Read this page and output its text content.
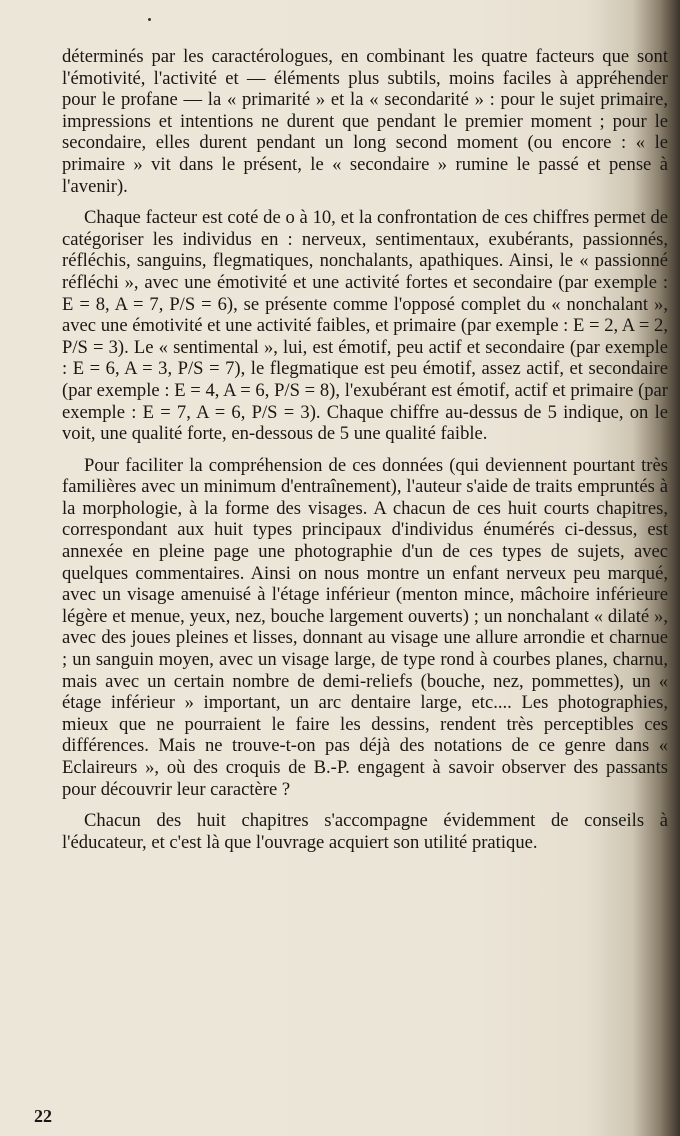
déterminés par les caractérologues, en combinant les quatre facteurs que sont l'émotivité, l'activité et — éléments plus subtils, moins faciles à appréhender pour le profane — la « primarité » et la « secondarité » : pour le sujet primaire, impressions et intentions ne durent que pendant le premier moment ; pour le secondaire, elles durent pendant un long second moment (ou encore : « le primaire » vit dans le présent, le « secondaire » rumine le passé et pense à l'avenir).

Chaque facteur est coté de o à 10, et la confrontation de ces chiffres permet de catégoriser les individus en : nerveux, sentimentaux, exubérants, passionnés, réfléchis, sanguins, flegmatiques, nonchalants, apathiques. Ainsi, le « passionné réfléchi », avec une émotivité et une activité fortes et secondaire (par exemple : E = 8, A = 7, P/S = 6), se présente comme l'opposé complet du « nonchalant », avec une émotivité et une activité faibles, et primaire (par exemple : E = 2, A = 2, P/S = 3). Le « sentimental », lui, est émotif, peu actif et secondaire (par exemple : E = 6, A = 3, P/S = 7), le flegmatique est peu émotif, assez actif, et secondaire (par exemple : E = 4, A = 6, P/S = 8), l'exubérant est émotif, actif et primaire (par exemple : E = 7, A = 6, P/S = 3). Chaque chiffre au-dessus de 5 indique, on le voit, une qualité forte, en-dessous de 5 une qualité faible.

Pour faciliter la compréhension de ces données (qui deviennent pourtant très familières avec un minimum d'entraînement), l'auteur s'aide de traits empruntés à la morphologie, à la forme des visages. A chacun de ces huit courts chapitres, correspondant aux huit types principaux d'individus énumérés ci-dessus, est annexée en pleine page une photographie d'un de ces types de sujets, avec quelques commentaires. Ainsi on nous montre un enfant nerveux peu marqué, avec un visage amenuisé à l'étage inférieur (menton mince, mâchoire inférieure légère et menue, yeux, nez, bouche largement ouverts) ; un nonchalant « dilaté », avec des joues pleines et lisses, donnant au visage une allure arrondie et charnue ; un sanguin moyen, avec un visage large, de type rond à courbes planes, charnu, mais avec un certain nombre de demi-reliefs (bouche, nez, pommettes), un « étage inférieur » important, un arc dentaire large, etc.... Les photographies, mieux que ne pourraient le faire les dessins, rendent très perceptibles ces différences. Mais ne trouve-t-on pas déjà des notations de ce genre dans « Eclaireurs », où des croquis de B.-P. engagent à savoir observer des passants pour découvrir leur caractère ?

Chacun des huit chapitres s'accompagne évidemment de conseils à l'éducateur, et c'est là que l'ouvrage acquiert son utilité pratique.

22
